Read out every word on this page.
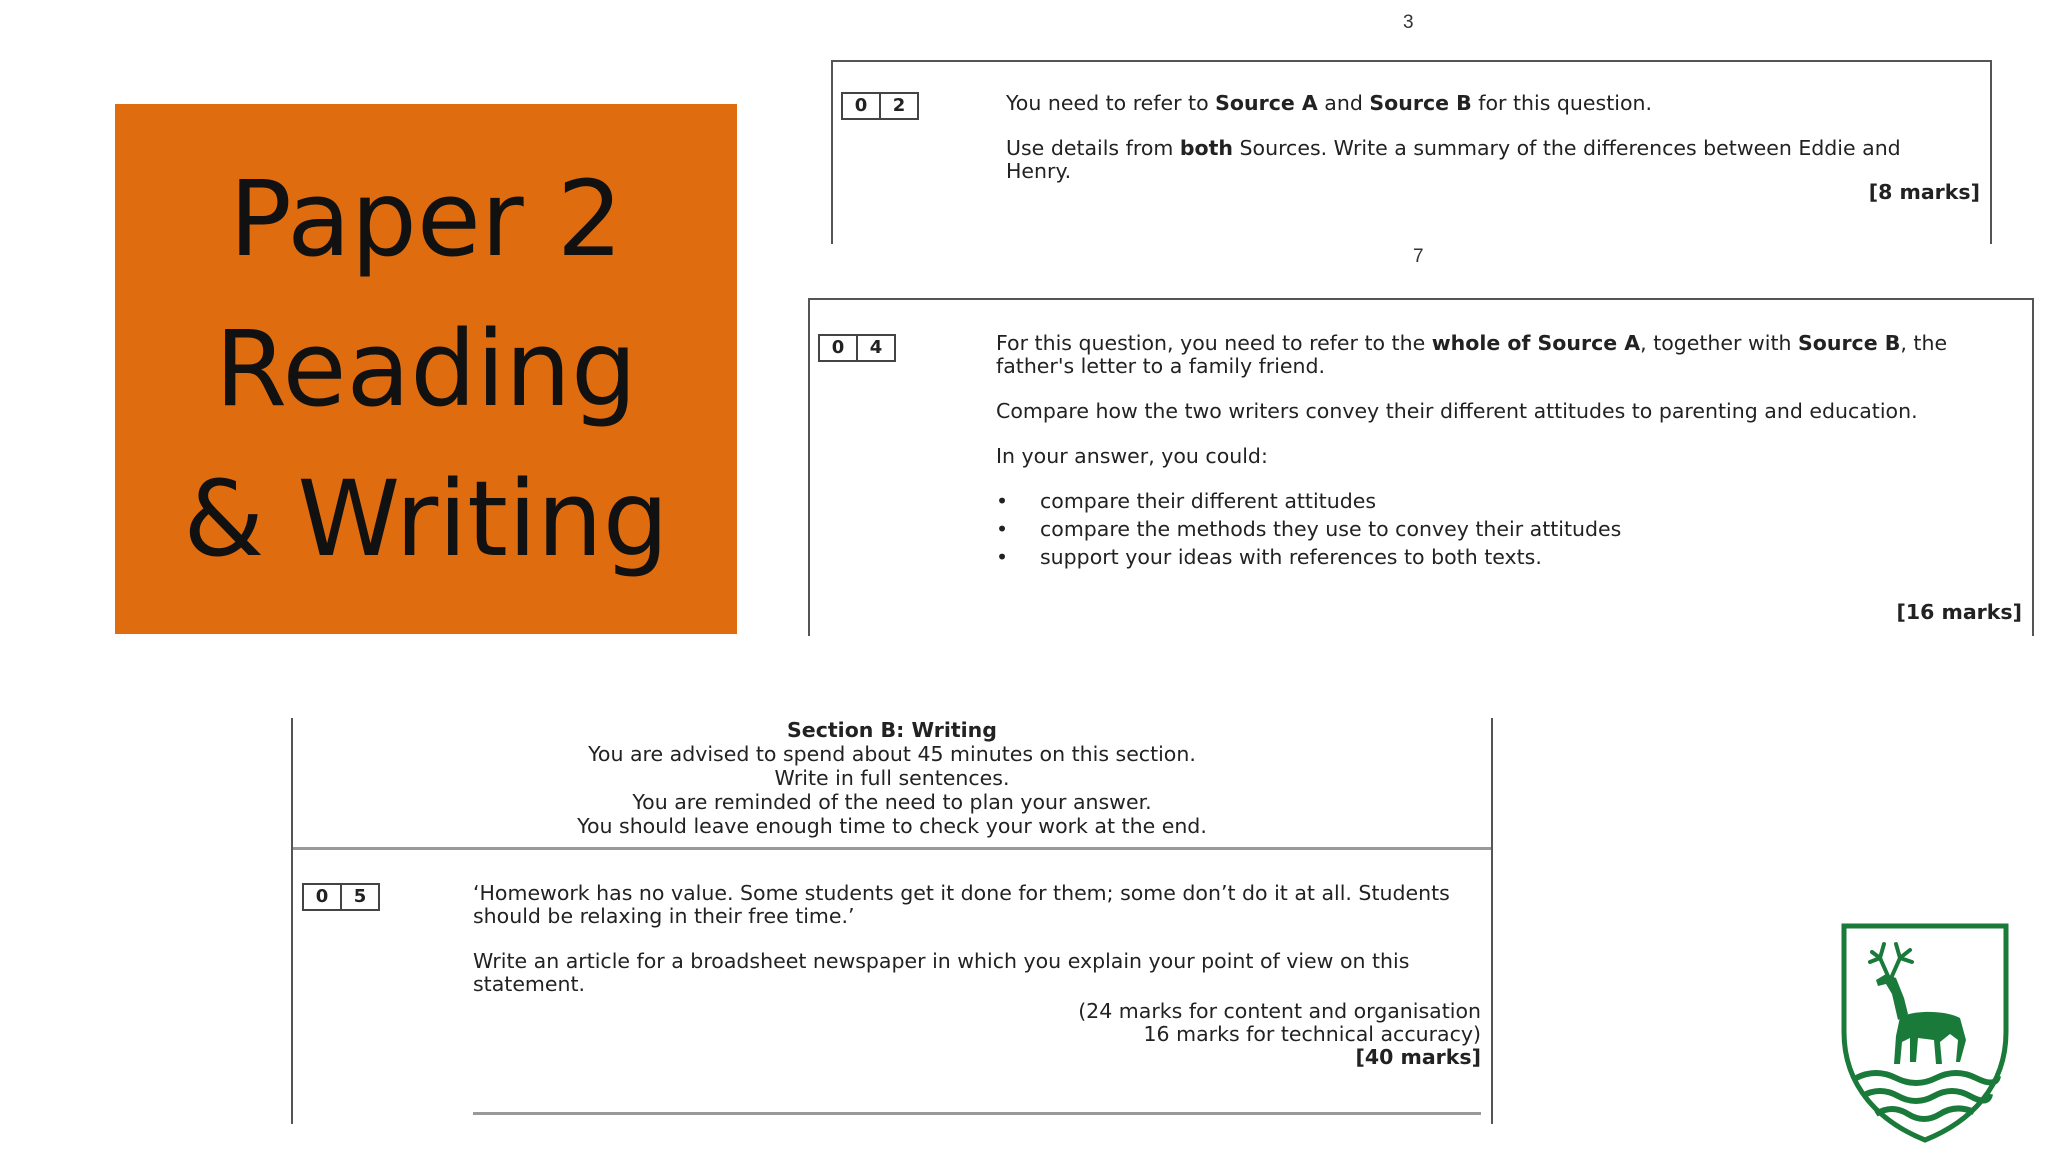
Paper 2
Reading
& Writing
3
7
0	2	You need to refer to Source A and Source B for this question.

Use details from both Sources. Write a summary of the differences between Eddie and Henry.

[8 marks]
0	4	For this question, you need to refer to the whole of Source A, together with Source B, the father's letter to a family friend.

Compare how the two writers convey their different attitudes to parenting and education.

In your answer, you could:

• compare their different attitudes
• compare the methods they use to convey their attitudes
• support your ideas with references to both texts.
[16 marks]
Section B: Writing
You are advised to spend about 45 minutes on this section.
Write in full sentences.
You are reminded of the need to plan your answer.
You should leave enough time to check your work at the end.
0	5	‘Homework has no value. Some students get it done for them; some don’t do it at all. Students should be relaxing in their free time.’

Write an article for a broadsheet newspaper in which you explain your point of view on this statement.

(24 marks for content and organisation
16 marks for technical accuracy)
[40 marks]
